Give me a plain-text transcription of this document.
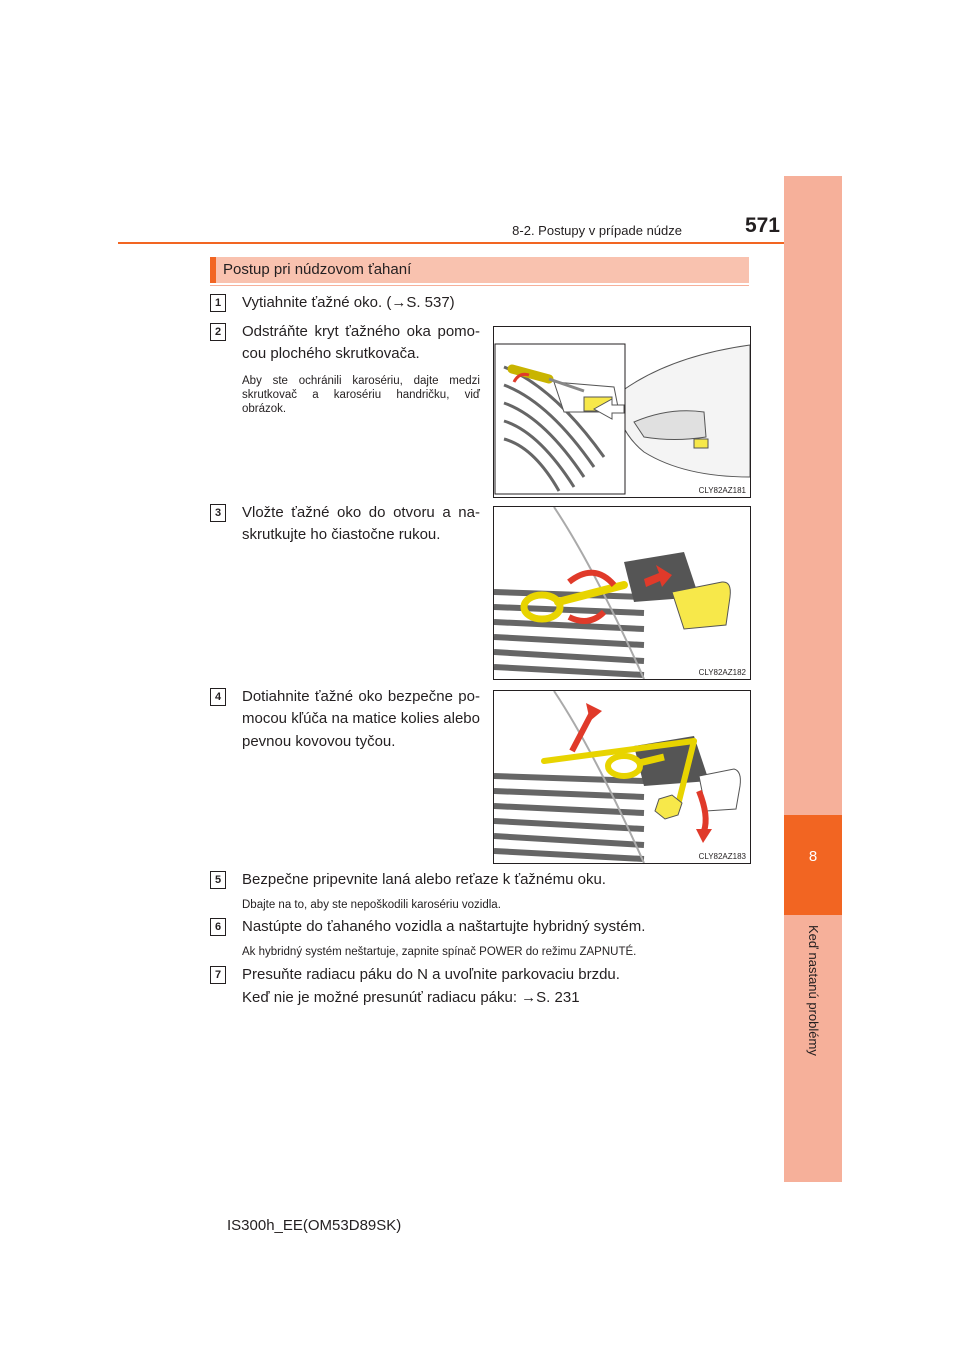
8
Keď nastanú problémy
8-2. Postupy v prípade núdze	571
Postup pri núdzovom ťahaní
1	Vytiahnite ťažné oko. (→S. 537)
2	Odstráňte kryt ťažného oka pomo-
cou plochého skrutkovača.
Aby ste ochránili karosériu, dajte medzi
skrutkovač a karosériu handričku, viď
obrázok.
CLY82AZ181
3	Vložte ťažné oko do otvoru a na-
skrutkujte ho čiastočne rukou.
CLY82AZ182
4	Dotiahnite ťažné oko bezpečne po-
mocou kľúča na matice kolies alebo
pevnou kovovou tyčou.
CLY82AZ183
5	Bezpečne pripevnite laná alebo reťaze k ťažnému oku.
Dbajte na to, aby ste nepoškodili karosériu vozidla.
6	Nastúpte do ťahaného vozidla a naštartujte hybridný systém.
Ak hybridný systém neštartuje, zapnite spínač POWER do režimu ZAPNUTÉ.
7	Presuňte radiacu páku do N a uvoľnite parkovaciu brzdu.
Keď nie je možné presunúť radiacu páku: →S. 231
IS300h_EE(OM53D89SK)
